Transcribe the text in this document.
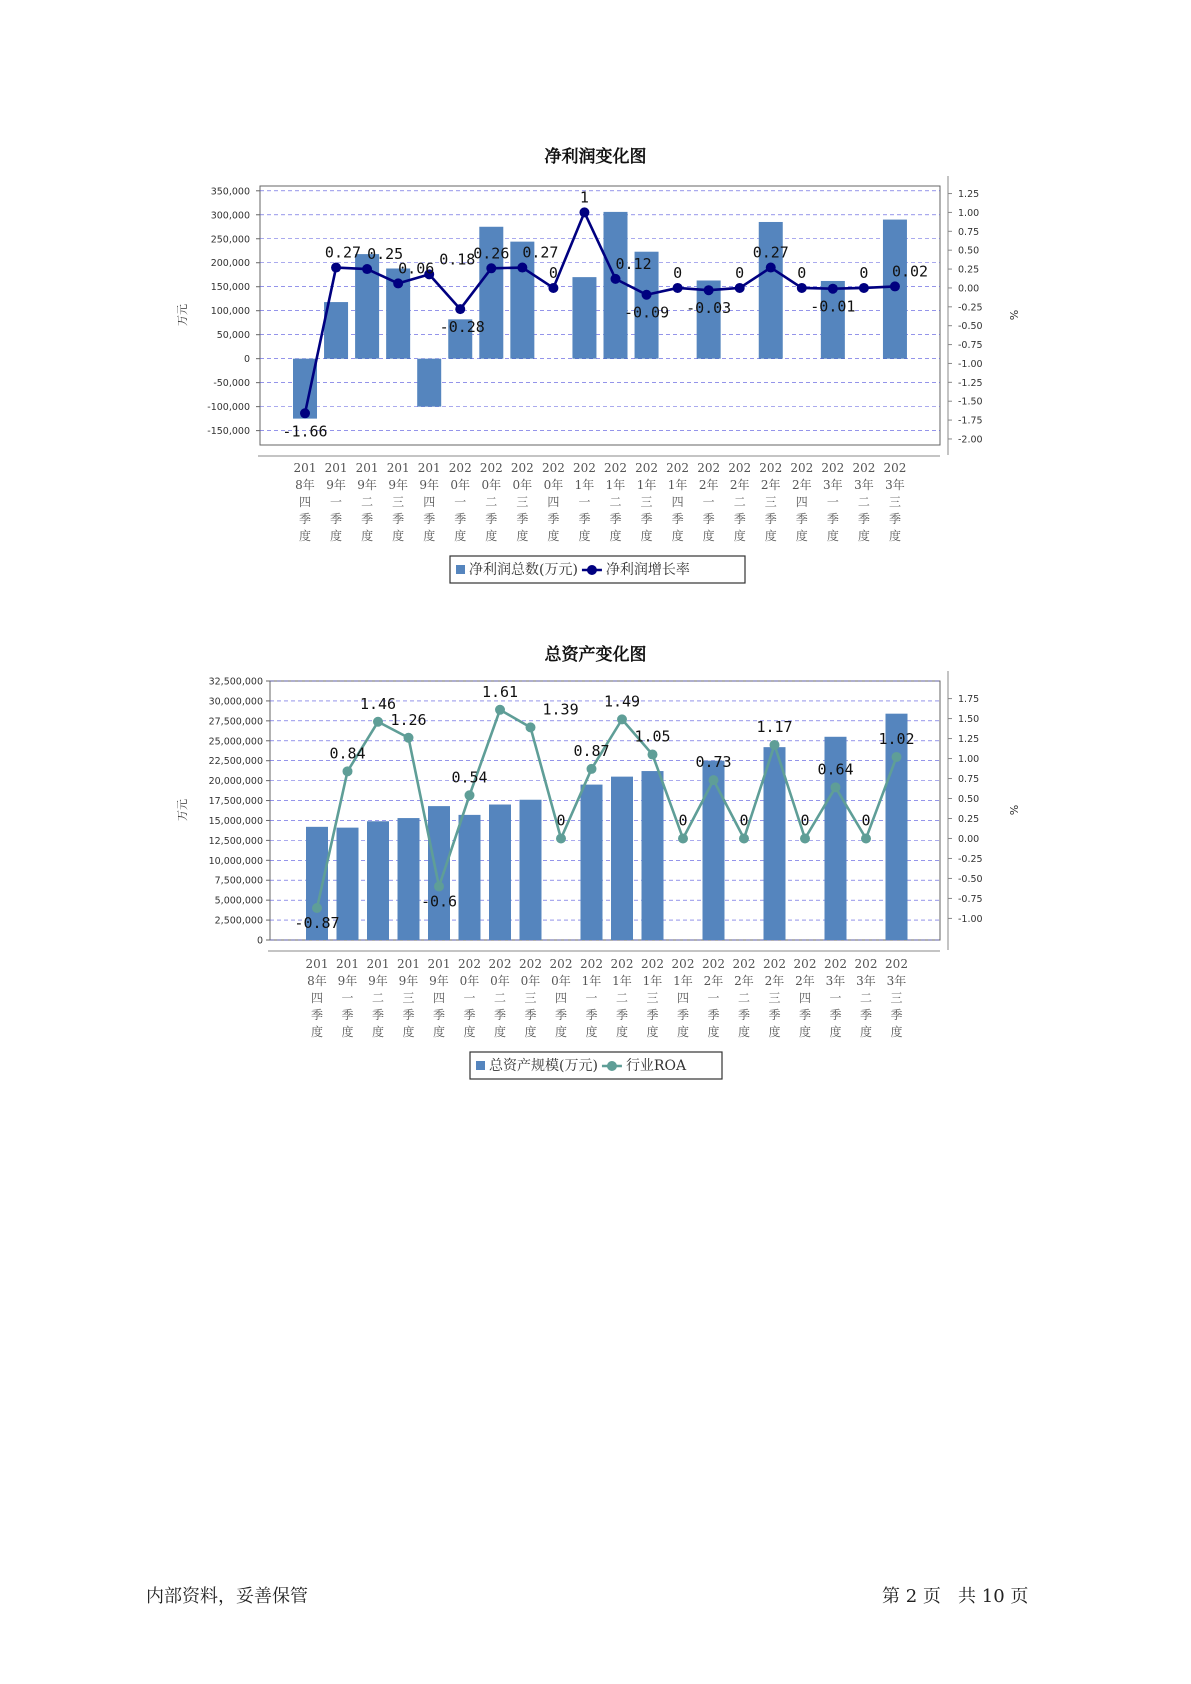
净利润变化图
350,000
300,000
250,000
200,000
150,000
100,000
50,000
0
-50,000
-100,000
-150,000
1.25
1.00
0.75
0.50
0.25
0.00
-0.25
-0.50
-0.75
-1.00
-1.25
-1.50
-1.75
-2.00
万元	%
-1.66
0.27 0.25
0.06
0.18
-0.28
0.26 0.27
0
1
0.12
-0.09
0
-0.03
0
0.27
0
-0.01
0 0.02
201
8年
四
季
度
201
9年
一
季
度
201
9年
二
季
度
201
9年
三
季
度
201
9年
四
季
度
202
0年
一
季
度
202
0年
二
季
度
202
0年
三
季
度
202
0年
四
季
度
202
1年
一
季
度
202
1年
二
季
度
202
1年
三
季
度
202
1年
四
季
度
202
2年
一
季
度
202
2年
二
季
度
202
2年
三
季
度
202
2年
四
季
度
202
3年
一
季
度
202
3年
二
季
度
202
3年
三
季
度
净利润总数(万元) 净利润增长率
总资产变化图
32,500,000
30,000,000
27,500,000
25,000,000
22,500,000
20,000,000
17,500,000
15,000,000
12,500,000
10,000,000
7,500,000
5,000,000
2,500,000
0
1.75
1.50
1.25
1.00
0.75
0.50
0.25
0.00
-0.25
-0.50
-0.75
-1.00
万元	%
-0.87
0.84
1.46
1.26
-0.6
0.54
1.61
1.39
0
0.87
1.49
1.05
0
0.73
0
1.17
0
0.64
0
1.02
201
8年
四
季
度
201
9年
一
季
度
201
9年
二
季
度
201
9年
三
季
度
201
9年
四
季
度
202
0年
一
季
度
202
0年
二
季
度
202
0年
三
季
度
202
0年
四
季
度
202
1年
一
季
度
202
1年
二
季
度
202
1年
三
季
度
202
1年
四
季
度
202
2年
一
季
度
202
2年
二
季
度
202
2年
三
季
度
202
2年
四
季
度
202
3年
一
季
度
202
3年
二
季
度
202
3年
三
季
度
总资产规模(万元) 行业ROA
内部资料，妥善保管	第 2 页   共 10 页
